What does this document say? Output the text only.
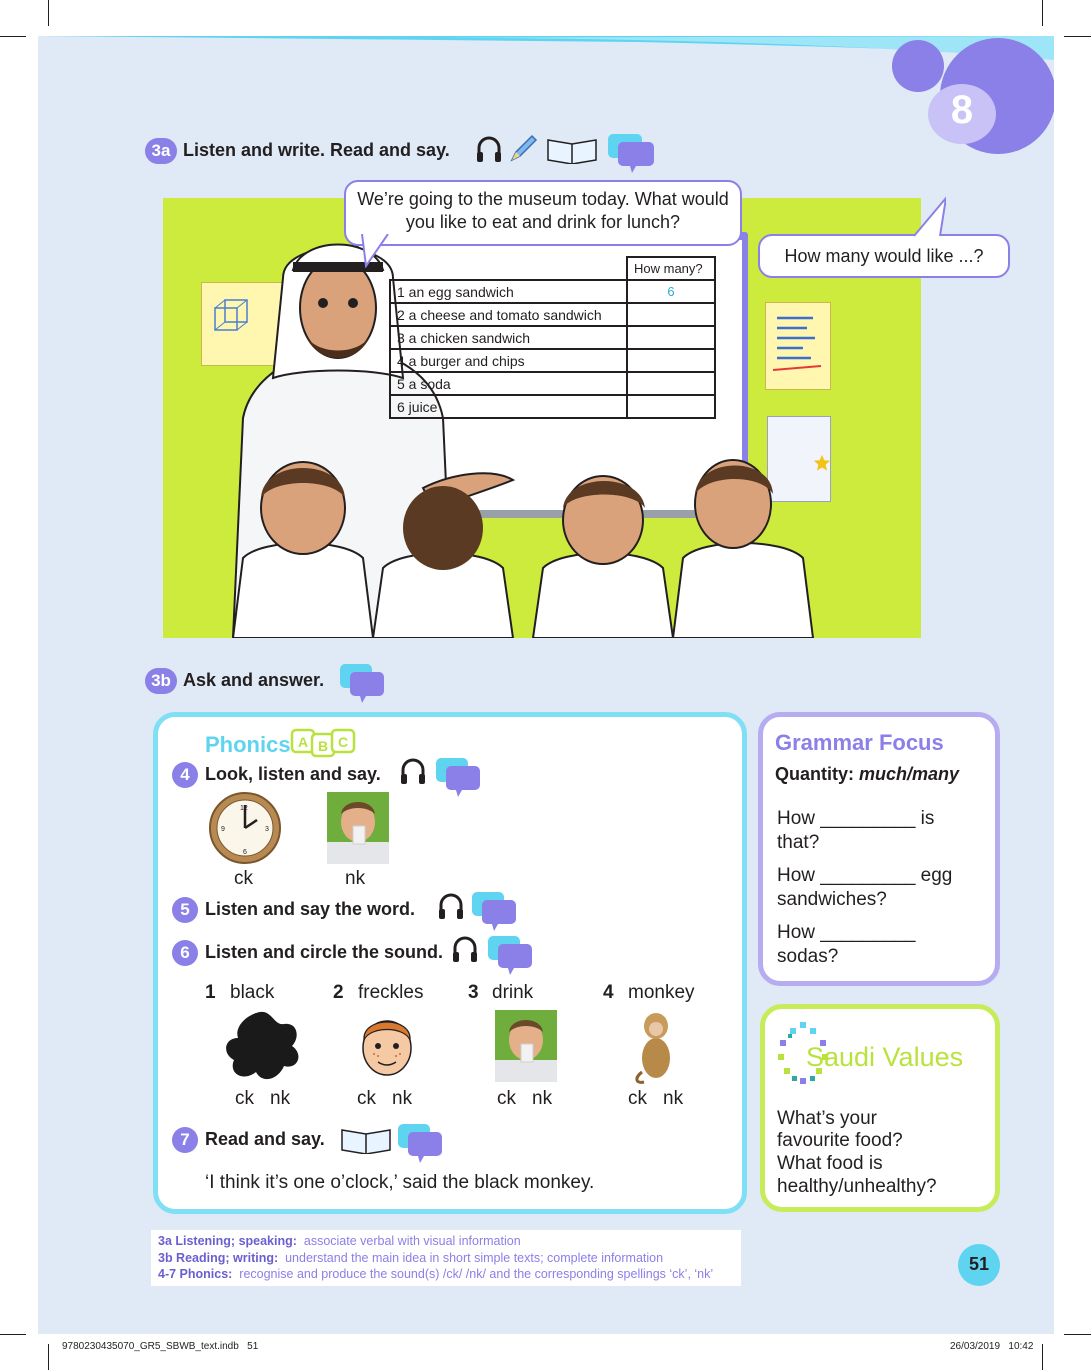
8
3a Listen and write. Read and say.
	How many?
1 an egg sandwich	6
2 a cheese and tomato sandwich	
3 a chicken sandwich	
4 a burger and chips	
5 a soda	
6 juice	
We’re going to the museum today. What would you like to eat and drink for lunch?
How many would like ...?
3b Ask and answer.
Phonics A B C
4 Look, listen and say.
12
3
6
9
ck	nk
5 Listen and say the word.
6 Listen and circle the sound.
1 black	2 freckles 3 drink	4 monkey
ck nk	ck nk	ck nk	ck nk
7 Read and say.
‘I think it’s one o’clock,’ said the black monkey.
Grammar Focus
Quantity: much/many
How _________ is
that?
How _________ egg
sandwiches?
How _________
sodas?
Saudi Values
What’s your
favourite food?
What food is
healthy/unhealthy?
3a Listening; speaking: associate verbal with visual information
3b Reading; writing: understand the main idea in short simple texts; complete information
4-7 Phonics: recognise and produce the sound(s) /ck/ /nk/ and the corresponding spellings ‘ck’, ‘nk’	51
9780230435070_GR5_SBWB_text.indb   51	26/03/2019   10:42
